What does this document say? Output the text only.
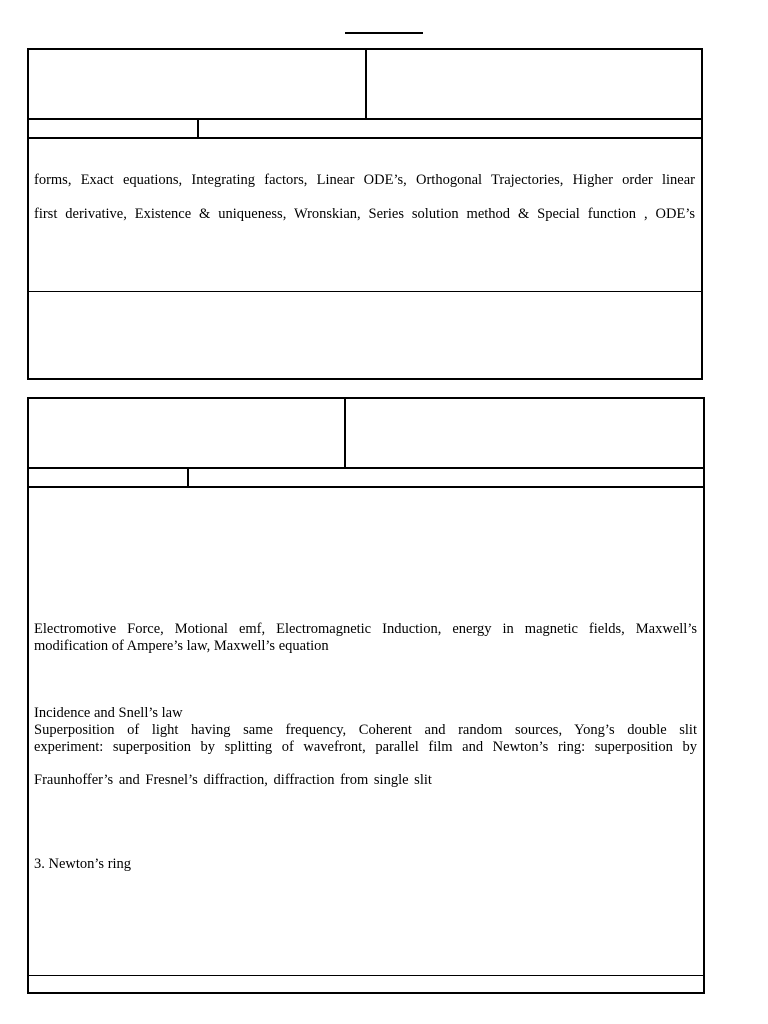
forms, Exact equations, Integrating factors, Linear ODE’s, Orthogonal Trajectories, Higher order linear
first derivative, Existence & uniqueness, Wronskian, Series solution method & Special function , ODE’s
Electromotive Force, Motional emf, Electromagnetic Induction, energy in magnetic fields, Maxwell’s
modification of Ampere’s law, Maxwell’s equation
Incidence and Snell’s law
Superposition of light having same frequency, Coherent and random sources, Yong’s double slit
experiment: superposition by splitting of wavefront, parallel film and Newton’s ring: superposition by
Fraunhoffer’s and Fresnel’s diffraction, diffraction from single slit
3. Newton’s ring
